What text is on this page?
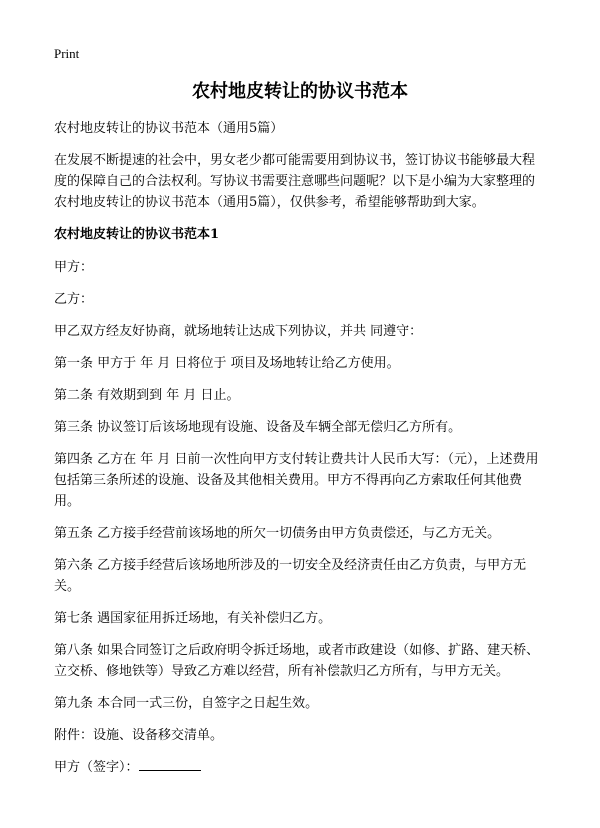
Print
农村地皮转让的协议书范本
农村地皮转让的协议书范本（通用5篇）

在发展不断提速的社会中，男女老少都可能需要用到协议书，签订协议书能够最大程度的保障自己的合法权利。写协议书需要注意哪些问题呢？以下是小编为大家整理的农村地皮转让的协议书范本（通用5篇），仅供参考，希望能够帮助到大家。

农村地皮转让的协议书范本1

甲方：

乙方：

甲乙双方经友好协商，就场地转让达成下列协议，并共 同遵守：

第一条 甲方于 年 月 日将位于 项目及场地转让给乙方使用。

第二条 有效期到到 年 月 日止。

第三条 协议签订后该场地现有设施、设备及车辆全部无偿归乙方所有。

第四条 乙方在 年 月 日前一次性向甲方支付转让费共计人民币大写：（元），上述费用包括第三条所述的设施、设备及其他相关费用。甲方不得再向乙方索取任何其他费用。

第五条 乙方接手经营前该场地的所欠一切债务由甲方负责偿还，与乙方无关。

第六条 乙方接手经营后该场地所涉及的一切安全及经济责任由乙方负责，与甲方无关。

第七条 遇国家征用拆迁场地，有关补偿归乙方。

第八条 如果合同签订之后政府明令拆迁场地，或者市政建设（如修、扩路、建天桥、立交桥、修地铁等）导致乙方难以经营，所有补偿款归乙方所有，与甲方无关。

第九条 本合同一式三份，自签字之日起生效。

附件：设施、设备移交清单。

甲方（签字）：
